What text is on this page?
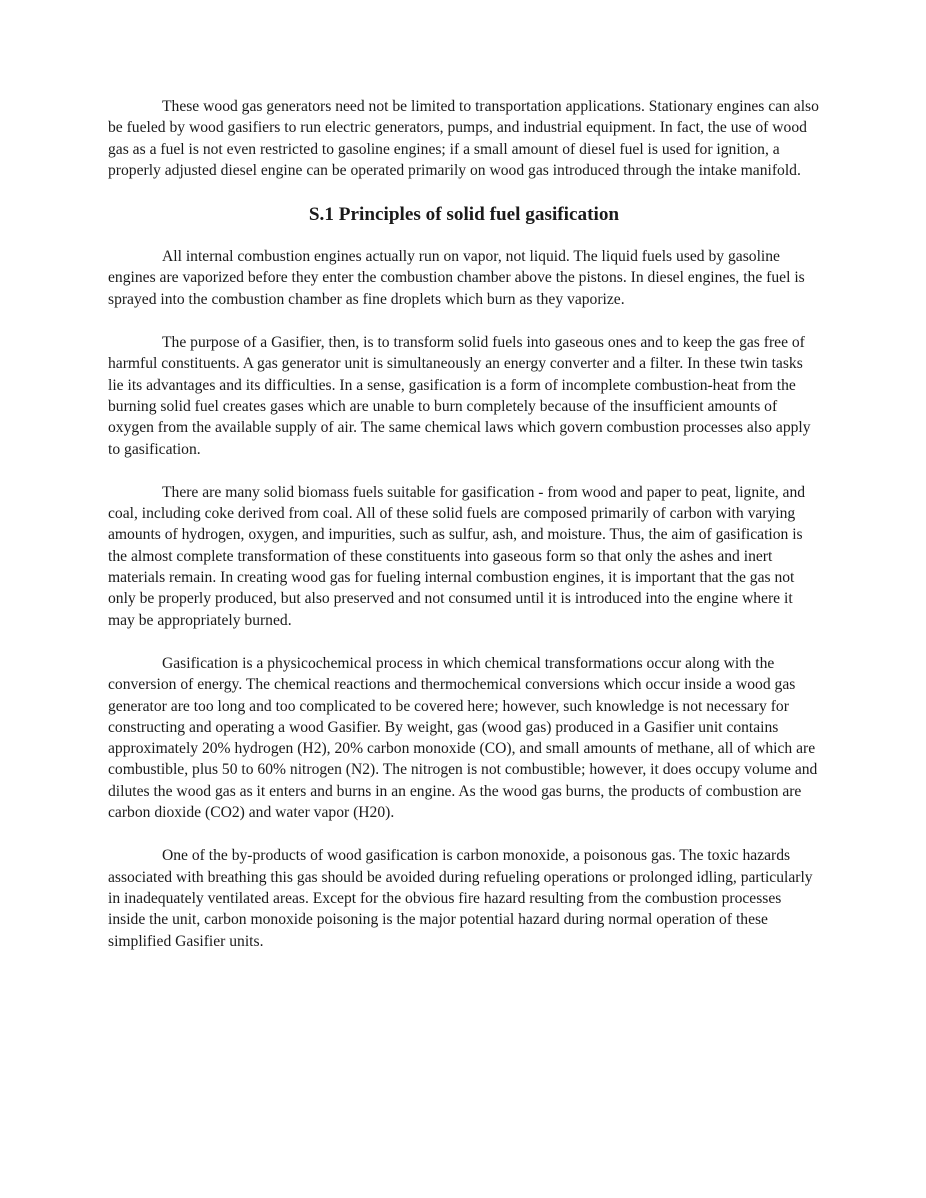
These wood gas generators need not be limited to transportation applications. Stationary engines can also be fueled by wood gasifiers to run electric generators, pumps, and industrial equipment. In fact, the use of wood gas as a fuel is not even restricted to gasoline engines; if a small amount of diesel fuel is used for ignition, a properly adjusted diesel engine can be operated primarily on wood gas introduced through the intake manifold.

S.1 Principles of solid fuel gasification

All internal combustion engines actually run on vapor, not liquid. The liquid fuels used by gasoline engines are vaporized before they enter the combustion chamber above the pistons. In diesel engines, the fuel is sprayed into the combustion chamber as fine droplets which burn as they vaporize.

The purpose of a Gasifier, then, is to transform solid fuels into gaseous ones and to keep the gas free of harmful constituents. A gas generator unit is simultaneously an energy converter and a filter. In these twin tasks lie its advantages and its difficulties. In a sense, gasification is a form of incomplete combustion-heat from the burning solid fuel creates gases which are unable to burn completely because of the insufficient amounts of oxygen from the available supply of air. The same chemical laws which govern combustion processes also apply to gasification.

There are many solid biomass fuels suitable for gasification - from wood and paper to peat, lignite, and coal, including coke derived from coal. All of these solid fuels are composed primarily of carbon with varying amounts of hydrogen, oxygen, and impurities, such as sulfur, ash, and moisture. Thus, the aim of gasification is the almost complete transformation of these constituents into gaseous form so that only the ashes and inert materials remain. In creating wood gas for fueling internal combustion engines, it is important that the gas not only be properly produced, but also preserved and not consumed until it is introduced into the engine where it may be appropriately burned.

Gasification is a physicochemical process in which chemical transformations occur along with the conversion of energy. The chemical reactions and thermochemical conversions which occur inside a wood gas generator are too long and too complicated to be covered here; however, such knowledge is not necessary for constructing and operating a wood Gasifier. By weight, gas (wood gas) produced in a Gasifier unit contains approximately 20% hydrogen (H2), 20% carbon monoxide (CO), and small amounts of methane, all of which are combustible, plus 50 to 60% nitrogen (N2). The nitrogen is not combustible; however, it does occupy volume and dilutes the wood gas as it enters and burns in an engine. As the wood gas burns, the products of combustion are carbon dioxide (CO2) and water vapor (H20).

One of the by-products of wood gasification is carbon monoxide, a poisonous gas. The toxic hazards associated with breathing this gas should be avoided during refueling operations or prolonged idling, particularly in inadequately ventilated areas. Except for the obvious fire hazard resulting from the combustion processes inside the unit, carbon monoxide poisoning is the major potential hazard during normal operation of these simplified Gasifier units.
